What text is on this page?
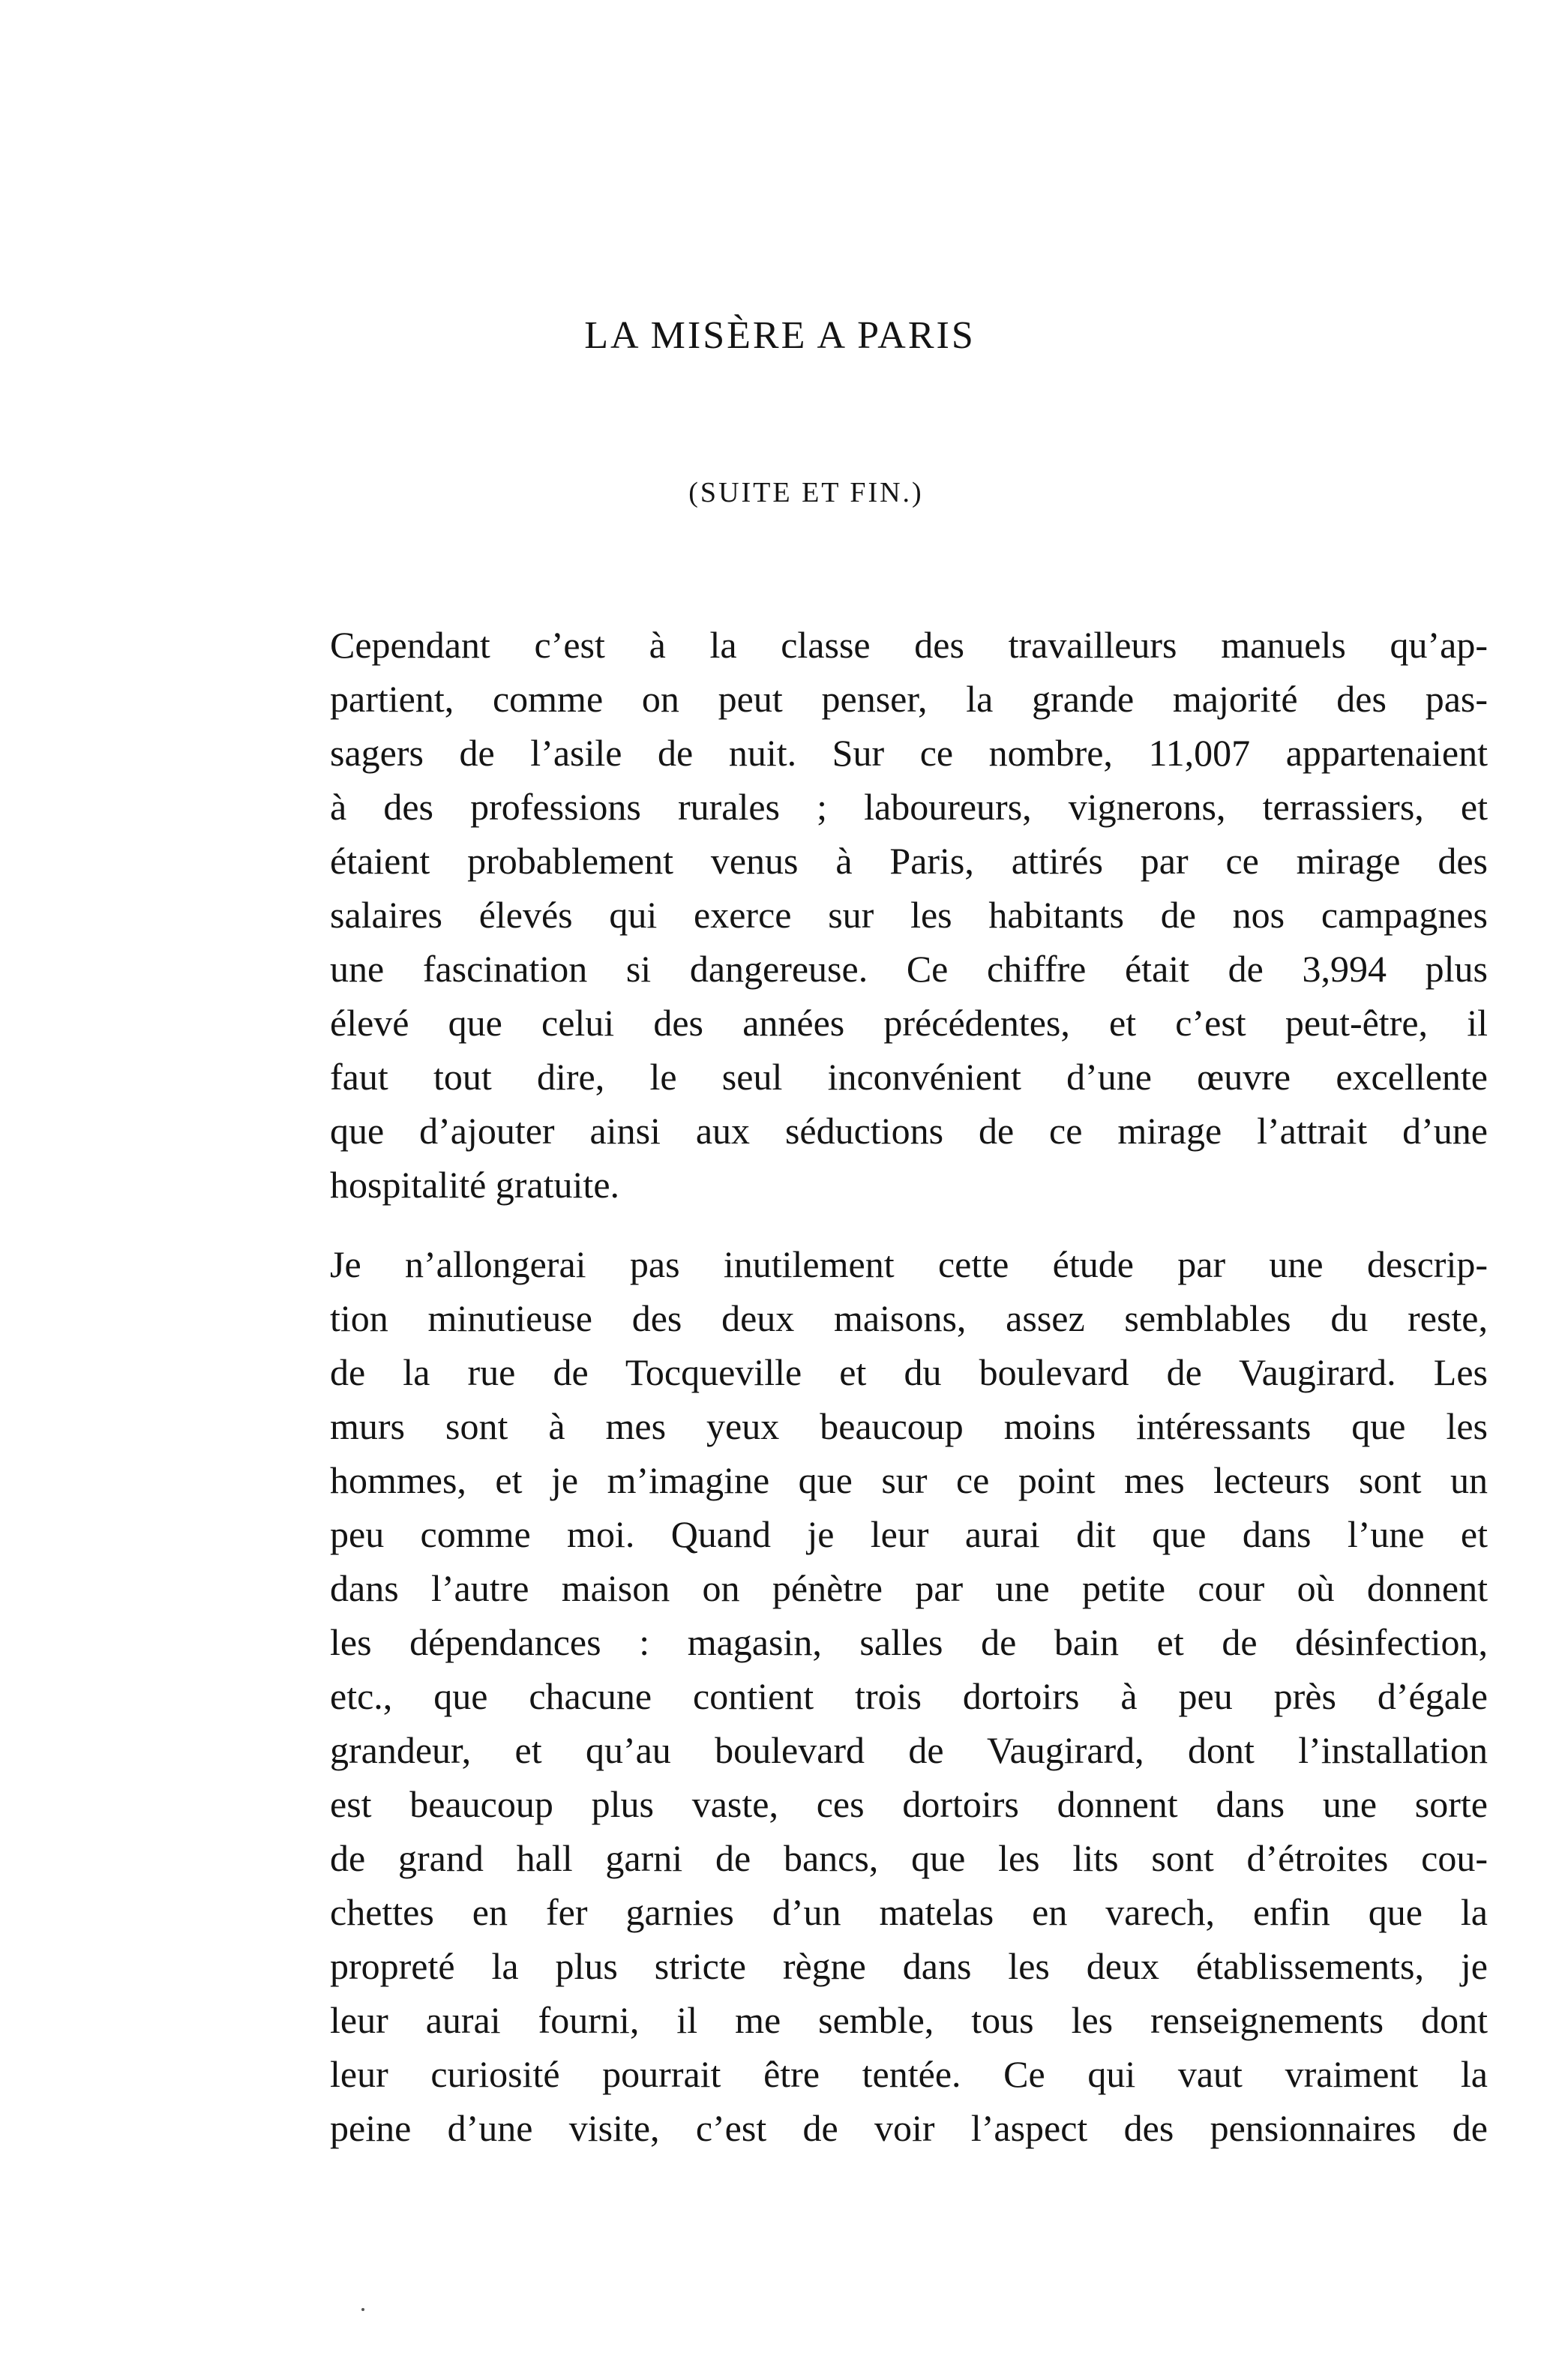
LA MISÈRE A PARIS
(SUITE ET FIN.)
Cependant c’est à la classe des travailleurs manuels qu’ap-
partient, comme on peut penser, la grande majorité des pas-
sagers de l’asile de nuit. Sur ce nombre, 11,007 appartenaient
à des professions rurales ; laboureurs, vignerons, terrassiers, et
étaient probablement venus à Paris, attirés par ce mirage des
salaires élevés qui exerce sur les habitants de nos campagnes
une fascination si dangereuse. Ce chiffre était de 3,994 plus
élevé que celui des années précédentes, et c’est peut-être, il
faut tout dire, le seul inconvénient d’une œuvre excellente
que d’ajouter ainsi aux séductions de ce mirage l’attrait d’une
hospitalité gratuite.
Je n’allongerai pas inutilement cette étude par une descrip-
tion minutieuse des deux maisons, assez semblables du reste,
de la rue de Tocqueville et du boulevard de Vaugirard. Les
murs sont à mes yeux beaucoup moins intéressants que les
hommes, et je m’imagine que sur ce point mes lecteurs sont un
peu comme moi. Quand je leur aurai dit que dans l’une et
dans l’autre maison on pénètre par une petite cour où donnent
les dépendances : magasin, salles de bain et de désinfection,
etc., que chacune contient trois dortoirs à peu près d’égale
grandeur, et qu’au boulevard de Vaugirard, dont l’installation
est beaucoup plus vaste, ces dortoirs donnent dans une sorte
de grand hall garni de bancs, que les lits sont d’étroites cou-
chettes en fer garnies d’un matelas en varech, enfin que la
propreté la plus stricte règne dans les deux établissements, je
leur aurai fourni, il me semble, tous les renseignements dont
leur curiosité pourrait être tentée. Ce qui vaut vraiment la
peine d’une visite, c’est de voir l’aspect des pensionnaires de
